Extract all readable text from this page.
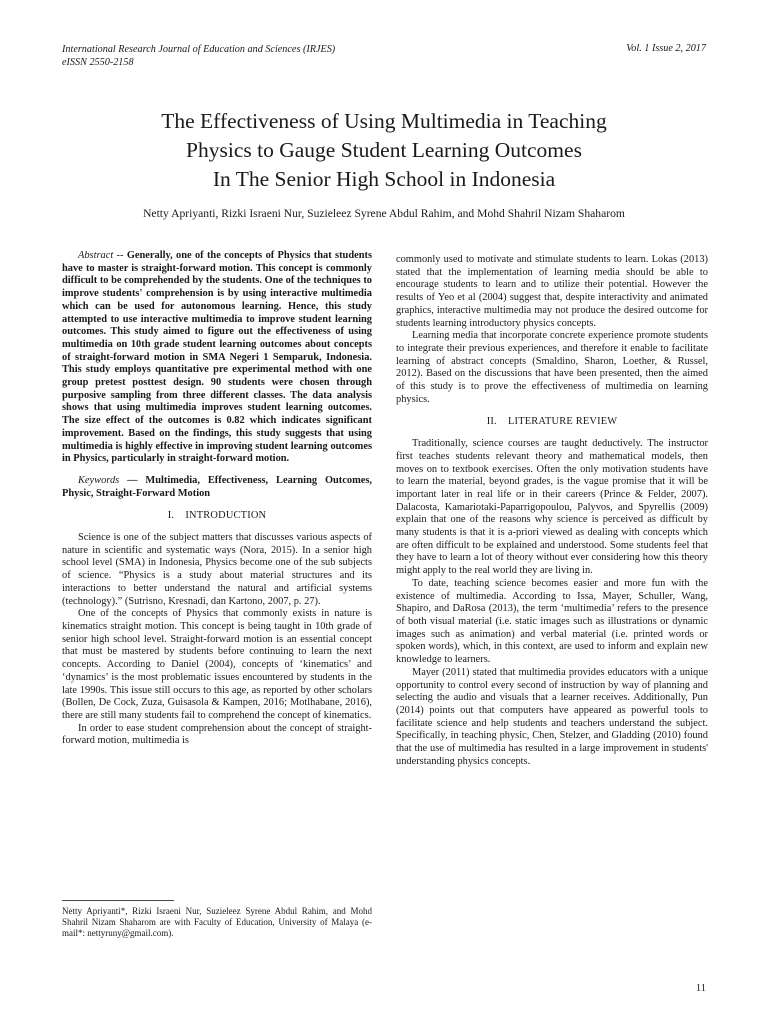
International Research Journal of Education and Sciences (IRJES)
eISSN 2550-2158
Vol. 1 Issue 2, 2017
The Effectiveness of Using Multimedia in Teaching
Physics to Gauge Student Learning Outcomes
In The Senior High School in Indonesia
Netty Apriyanti, Rizki Israeni Nur, Suzieleez Syrene Abdul Rahim, and Mohd Shahril Nizam Shaharom

Abstract -- Generally, one of the concepts of Physics that students have to master is straight-forward motion. This concept is commonly difficult to be comprehended by the students. One of the techniques to improve students' comprehension is by using interactive multimedia which can be used for autonomous learning. Hence, this study attempted to use interactive multimedia to improve student learning outcomes. This study aimed to figure out the effectiveness of using multimedia on 10th grade student learning outcomes about concepts of straight-forward motion in SMA Negeri 1 Semparuk, Indonesia. This study employs quantitative pre experimental method with one group pretest posttest design. 90 students were chosen through purposive sampling from three different classes. The data analysis shows that using multimedia improves student learning outcomes. The size effect of the outcomes is 0.82 which indicates significant improvement. Based on the findings, this study suggests that using multimedia is highly effective in improving student learning outcomes in Physics, particularly in straight-forward motion.

Keywords — Multimedia, Effectiveness, Learning Outcomes, Physic, Straight-Forward Motion

I.    INTRODUCTION

Science is one of the subject matters that discusses various aspects of nature in scientific and systematic ways (Nora, 2015). In a senior high school level (SMA) in Indonesia, Physics become one of the sub subjects of science. “Physics is a study about material structures and its interactions to better understand the natural and artificial systems (technology).” (Sutrisno, Kresnadi, dan Kartono, 2007, p. 27).

One of the concepts of Physics that commonly exists in nature is kinematics straight motion. This concept is being taught in 10th grade of senior high school level. Straight-forward motion is an essential concept that must be mastered by students before continuing to learn the next concepts. According to Daniel (2004), concepts of ‘kinematics’ and ‘dynamics’ is the most problematic issues encountered by students in the late 1990s. This issue still occurs to this age, as reported by other scholars (Bollen, De Cock, Zuza, Guisasola & Kampen, 2016; Motlhabane, 2016), there are still many students fail to comprehend the concept of kinematics.

In order to ease student comprehension about the concept of straight-forward motion, multimedia is

Netty Apriyanti*, Rizki Israeni Nur, Suzieleez Syrene Abdul Rahim, and Mohd Shahril Nizam Shaharom are with Faculty of Education, University of Malaya (e-mail*: nettyruny@gmail.com).

commonly used to motivate and stimulate students to learn. Lokas (2013) stated that the implementation of learning media should be able to encourage students to learn and to utilize their potential. However the results of Yeo et al (2004) suggest that, despite interactivity and animated graphics, interactive multimedia may not produce the desired outcome for students learning introductory physics concepts.

Learning media that incorporate concrete experience promote students to integrate their previous experiences, and therefore it enable to facilitate learning of abstract concepts (Smaldino, Sharon, Loether, & Russel, 2012). Based on the discussions that have been presented, then the aimed of this study is to prove the effectiveness of multimedia on learning physics.

II.    LITERATURE REVIEW

Traditionally, science courses are taught deductively. The instructor first teaches students relevant theory and mathematical models, then moves on to textbook exercises. Often the only motivation students have to learn the material, beyond grades, is the vague promise that it will be important later in real life or in their careers (Prince & Felder, 2007). Dalacosta, Kamariotaki-Paparrigopoulou, Palyvos, and Spyrellis (2009) explain that one of the reasons why science is perceived as difficult by many students is that it is a-priori viewed as dealing with concepts which are often difficult to be explained and understood. Some students feel that they have to learn a lot of theory without ever considering how this theory might apply to the real world they are living in.

To date, teaching science becomes easier and more fun with the existence of multimedia. According to Issa, Mayer, Schuller, Wang, Shapiro, and DaRosa (2013), the term ‘multimedia’ refers to the presence of both visual material (i.e. static images such as illustrations or dynamic images such as animation) and verbal material (i.e. printed words or spoken words), which, in this context, are used to inform and explain new knowledge to learners.

Mayer (2011) stated that multimedia provides educators with a unique opportunity to control every second of instruction by way of planning and selecting the audio and visuals that a learner receives. Additionally, Pun (2014) points out that computers have appeared as powerful tools to facilitate science and help students and teachers understand the subject. Specifically, in teaching physic, Chen, Stelzer, and Gladding (2010) found that the use of multimedia has resulted in a large improvement in students' understanding physics concepts.

11
